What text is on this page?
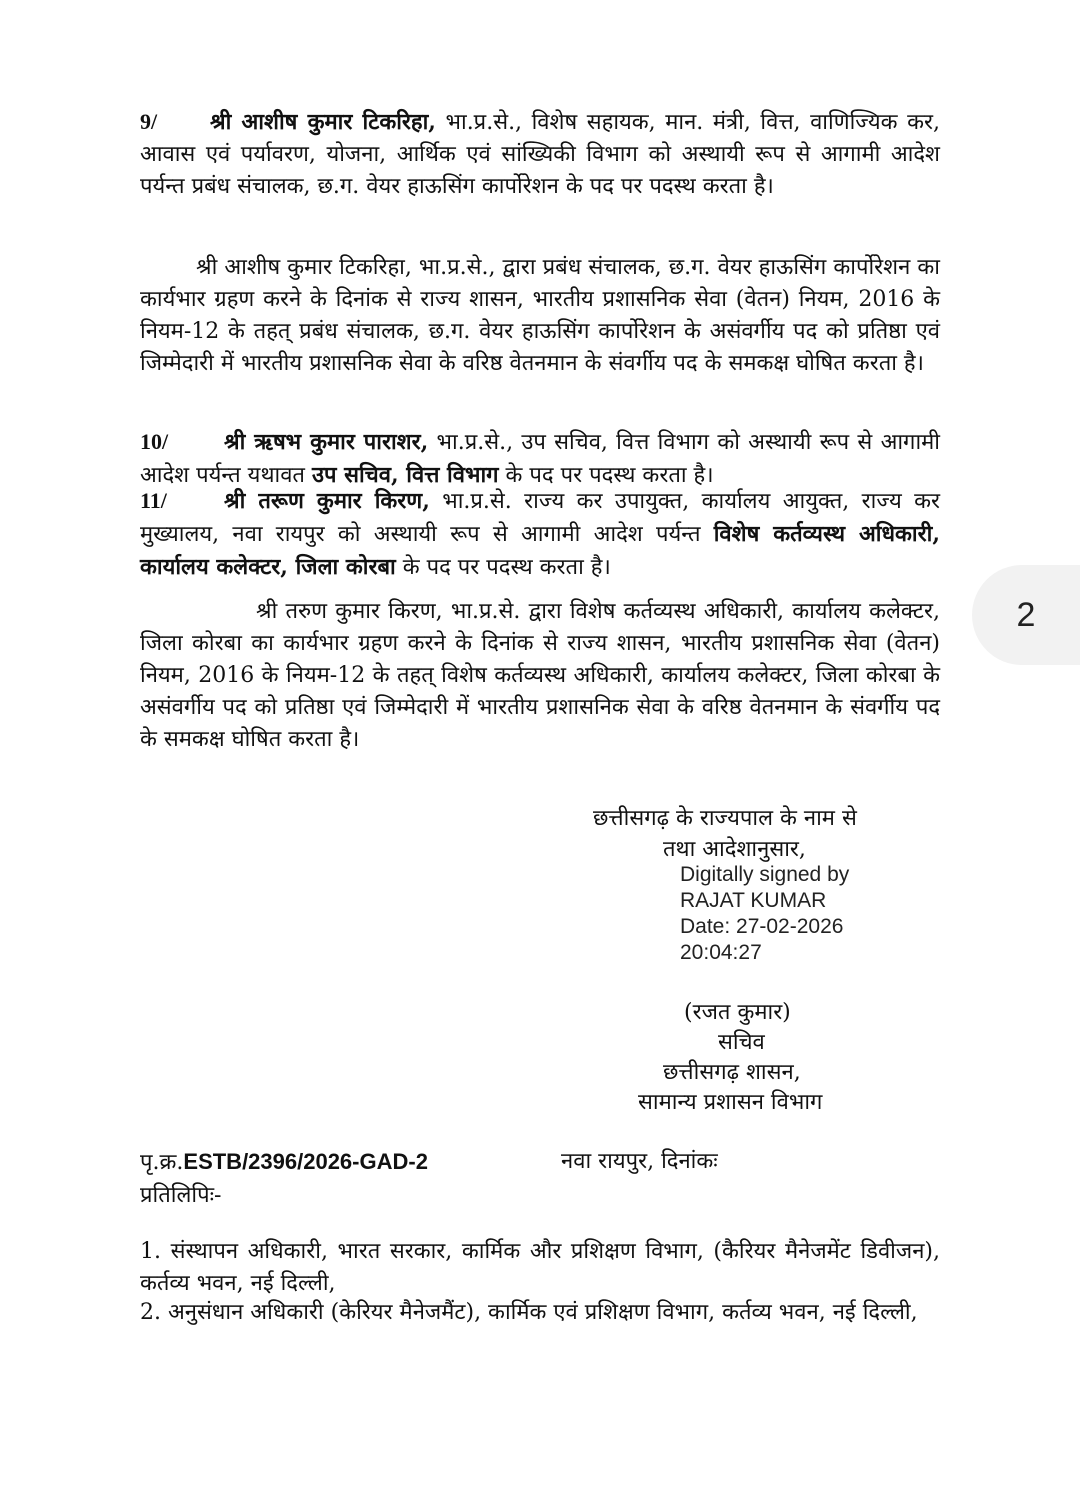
9/ श्री आशीष कुमार टिकरिहा, भा.प्र.से., विशेष सहायक, मान. मंत्री, वित्त, वाणिज्यिक कर, आवास एवं पर्यावरण, योजना, आर्थिक एवं सांख्यिकी विभाग को अस्थायी रूप से आगामी आदेश पर्यन्त प्रबंध संचालक, छ.ग. वेयर हाऊसिंग कार्पोरेशन के पद पर पदस्थ करता है।

श्री आशीष कुमार टिकरिहा, भा.प्र.से., द्वारा प्रबंध संचालक, छ.ग. वेयर हाऊसिंग कार्पोरेशन का कार्यभार ग्रहण करने के दिनांक से राज्य शासन, भारतीय प्रशासनिक सेवा (वेतन) नियम, 2016 के नियम-12 के तहत् प्रबंध संचालक, छ.ग. वेयर हाऊसिंग कार्पोरेशन के असंवर्गीय पद को प्रतिष्ठा एवं जिम्मेदारी में भारतीय प्रशासनिक सेवा के वरिष्ठ वेतनमान के संवर्गीय पद के समकक्ष घोषित करता है।

10/	श्री ऋषभ कुमार पाराशर, भा.प्र.से., उप सचिव, वित्त विभाग को अस्थायी रूप से आगामी आदेश पर्यन्त यथावत उप सचिव, वित्त विभाग के पद पर पदस्थ करता है।

11/	श्री तरूण कुमार किरण, भा.प्र.से. राज्य कर उपायुक्त, कार्यालय आयुक्त, राज्य कर मुख्यालय, नवा रायपुर को अस्थायी रूप से आगामी आदेश पर्यन्त विशेष कर्तव्यस्थ अधिकारी, कार्यालय कलेक्टर, जिला कोरबा के पद पर पदस्थ करता है।

श्री तरुण कुमार किरण, भा.प्र.से. द्वारा विशेष कर्तव्यस्थ अधिकारी, कार्यालय कलेक्टर, जिला कोरबा का कार्यभार ग्रहण करने के दिनांक से राज्य शासन, भारतीय प्रशासनिक सेवा (वेतन) नियम, 2016 के नियम-12 के तहत् विशेष कर्तव्यस्थ अधिकारी, कार्यालय कलेक्टर, जिला कोरबा के असंवर्गीय पद को प्रतिष्ठा एवं जिम्मेदारी में भारतीय प्रशासनिक सेवा के वरिष्ठ वेतनमान के संवर्गीय पद के समकक्ष घोषित करता है।

2
छत्तीसगढ़ के राज्यपाल के नाम से
तथा आदेशानुसार,
Digitally signed by
RAJAT KUMAR
Date: 27-02-2026
20:04:27
(रजत कुमार)
सचिव
छत्तीसगढ़ शासन,
सामान्य प्रशासन विभाग
पृ.क्र.ESTB/2396/2026-GAD-2	नवा रायपुर, दिनांकः
प्रतिलिपिः-

1. संस्थापन अधिकारी, भारत सरकार, कार्मिक और प्रशिक्षण विभाग, (कैरियर मैनेजमेंट डिवीजन), कर्तव्य भवन, नई दिल्ली,

2. अनुसंधान अधिकारी (केरियर मैनेजमैंट), कार्मिक एवं प्रशिक्षण विभाग, कर्तव्य भवन, नई दिल्ली,
